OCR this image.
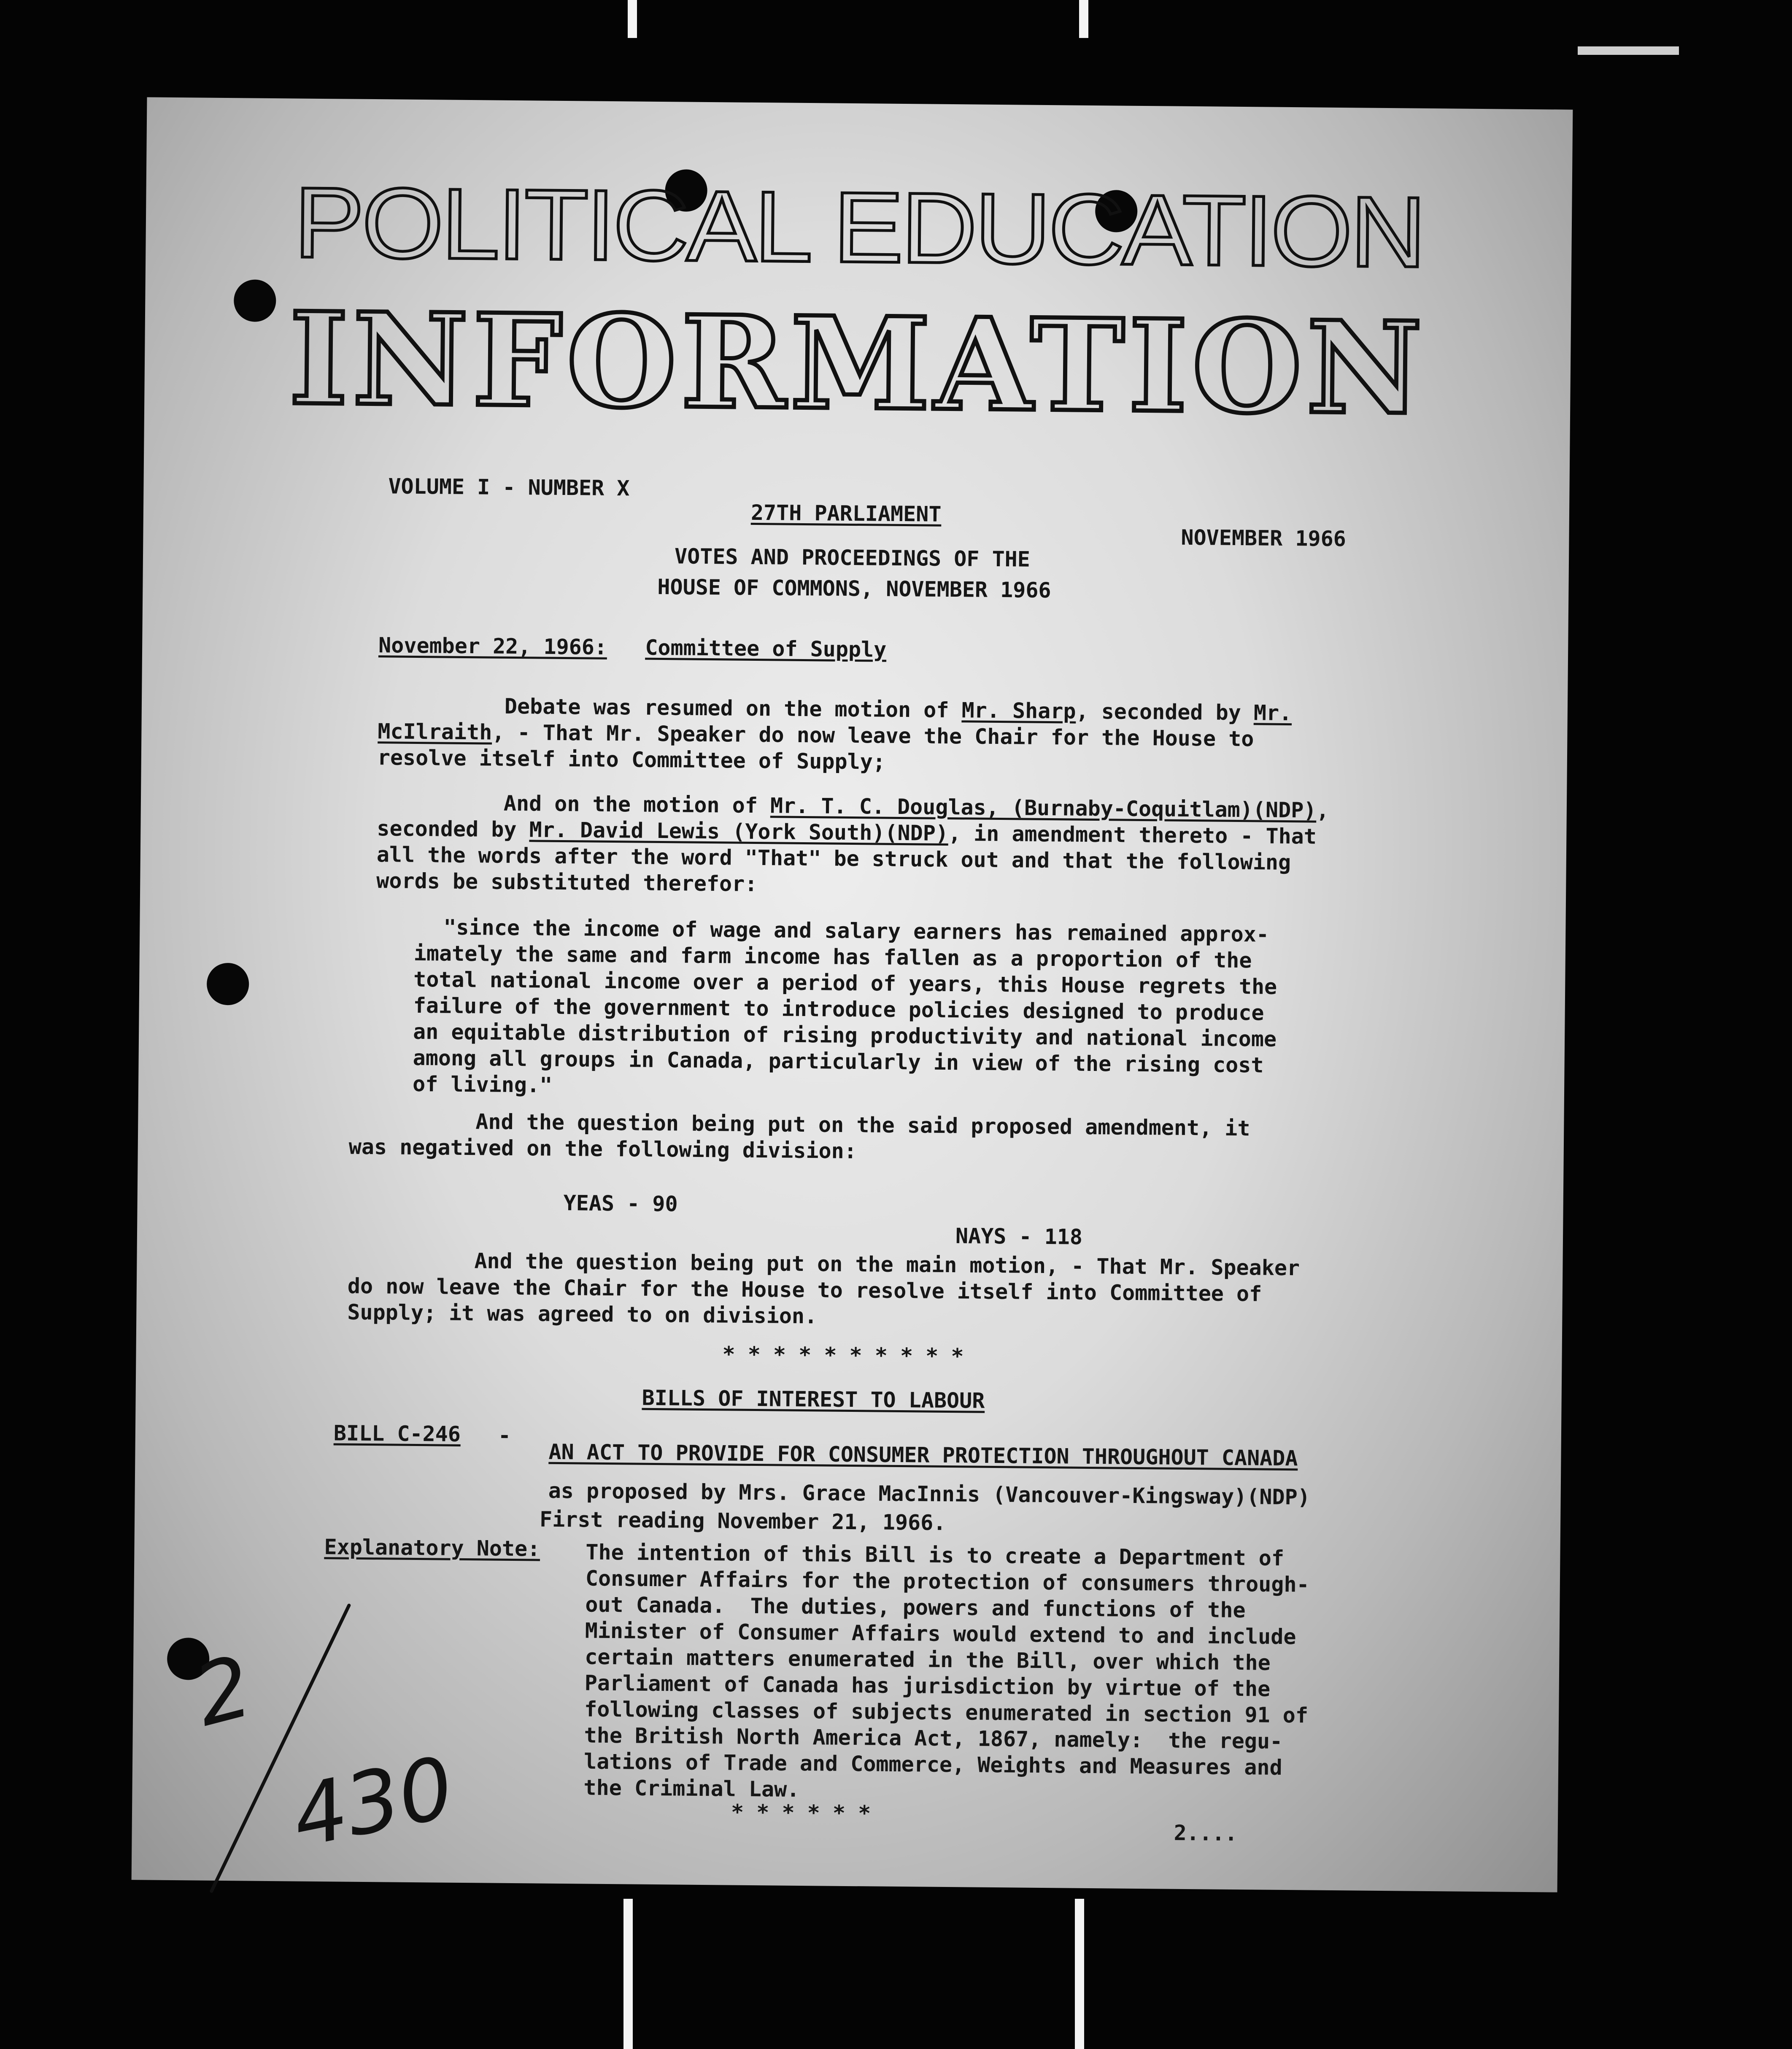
POLITICAL EDUCATION
INFORMATION
VOLUME I - NUMBER X
27TH PARLIAMENT
NOVEMBER 1966
VOTES AND PROCEEDINGS OF THE
HOUSE OF COMMONS, NOVEMBER 1966
November 22, 1966: Committee of Supply
Debate was resumed on the motion of Mr. Sharp, seconded by Mr.
McIlraith, - That Mr. Speaker do now leave the Chair for the House to
resolve itself into Committee of Supply;
And on the motion of Mr. T. C. Douglas, (Burnaby-Coquitlam)(NDP),
seconded by Mr. David Lewis (York South)(NDP), in amendment thereto - That
all the words after the word "That" be struck out and that the following
words be substituted therefor:
"since the income of wage and salary earners has remained approx-
imately the same and farm income has fallen as a proportion of the
total national income over a period of years, this House regrets the
failure of the government to introduce policies designed to produce
an equitable distribution of rising productivity and national income
among all groups in Canada, particularly in view of the rising cost
of living."
And the question being put on the said proposed amendment, it
was negatived on the following division:
YEAS - 90
NAYS - 118
And the question being put on the main motion, - That Mr. Speaker
do now leave the Chair for the House to resolve itself into Committee of
Supply; it was agreed to on division.
* * * * * * * * * *
BILLS OF INTEREST TO LABOUR
BILL C-246 -
AN ACT TO PROVIDE FOR CONSUMER PROTECTION THROUGHOUT CANADA
as proposed by Mrs. Grace MacInnis (Vancouver-Kingsway)(NDP)
First reading November 21, 1966.
Explanatory Note: The intention of this Bill is to create a Department of
Consumer Affairs for the protection of consumers through-
out Canada.  The duties, powers and functions of the
Minister of Consumer Affairs would extend to and include
certain matters enumerated in the Bill, over which the
Parliament of Canada has jurisdiction by virtue of the
following classes of subjects enumerated in section 91 of
the British North America Act, 1867, namely:  the regu-
lations of Trade and Commerce, Weights and Measures and
the Criminal Law.
* * * * * *
2....
2
430
